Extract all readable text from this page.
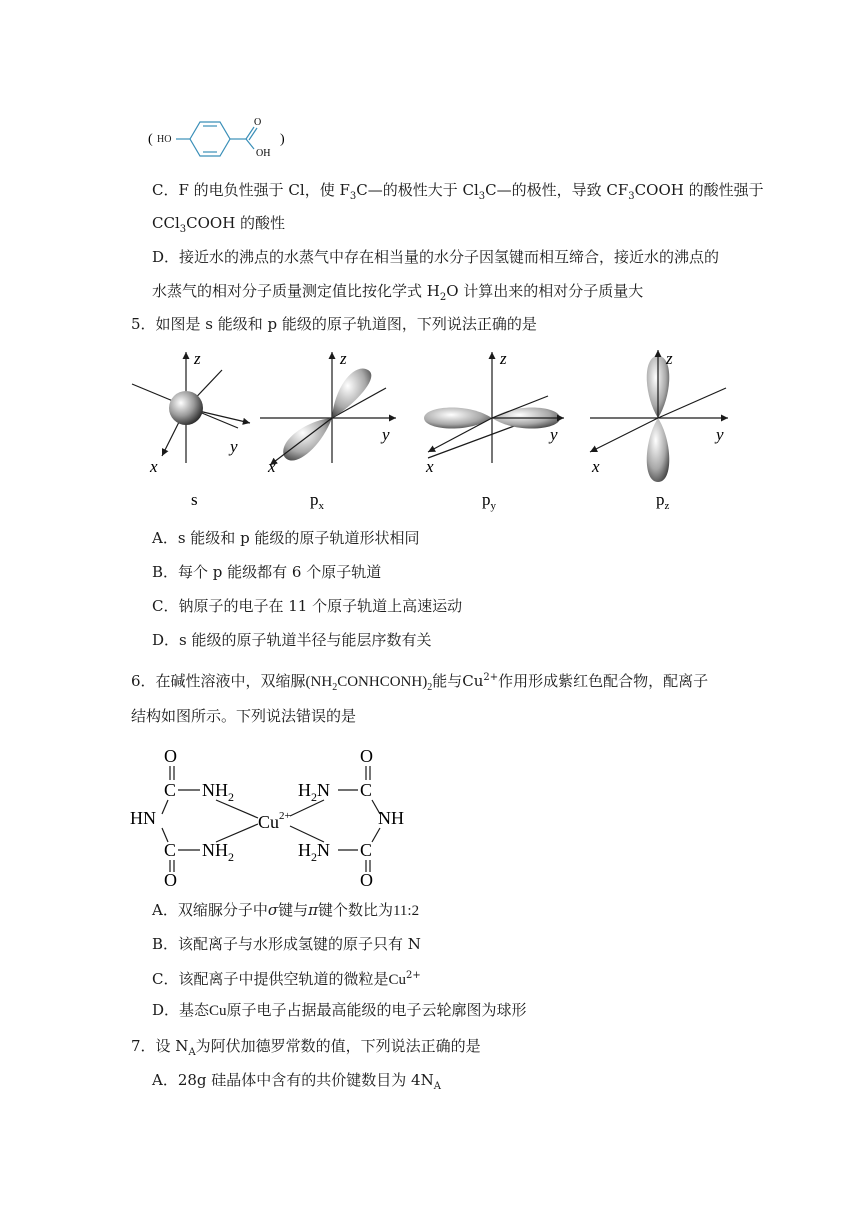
( HO
O
OH
)
C．F 的电负性强于 Cl，使 $F_3C—$的极性大于 $Cl_3C—$的极性，导致 $CF_3COOH$ 的酸性强于
CCl$_3$COOH 的酸性
D．接近水的沸点的水蒸气中存在相当量的水分子因氢键而相互缔合，接近水的沸点的
水蒸气的相对分子质量测定值比按化学式 $H_2O$ 计算出来的相对分子质量大
5．如图是 s 能级和 p 能级的原子轨道图，下列说法正确的是
z
y
x
s
z
y
x
$p_x$
z
y
x
$p_y$
z
y
x
$p_z$
A．s 能级和 p 能级的原子轨道形状相同
B．每个 p 能级都有 6 个原子轨道
C．钠原子的电子在 11 个原子轨道上高速运动
D．s 能级的原子轨道半径与能层序数有关
6．在碱性溶液中，双缩脲$(NH_2CONHCONH)_2$能与$Cu^{2+}$作用形成紫红色配合物，配离子
结构如图所示。下列说法错误的是
O
C $NH_2$
HN
C $NH_2$
O
$Cu^{2+}$
O
$H_2N$ C
NH
$H_2N$ C
O
A．双缩脲分子中σ键与π键个数比为11:2
B．该配离子与水形成氢键的原子只有 N
C．该配离子中提供空轨道的微粒是$Cu^{2+}$
D．基态Cu原子电子占据最高能级的电子云轮廓图为球形
7．设 $N_A$为阿伏加德罗常数的值，下列说法正确的是
A．28g 硅晶体中含有的共价键数目为 $4N_A$
